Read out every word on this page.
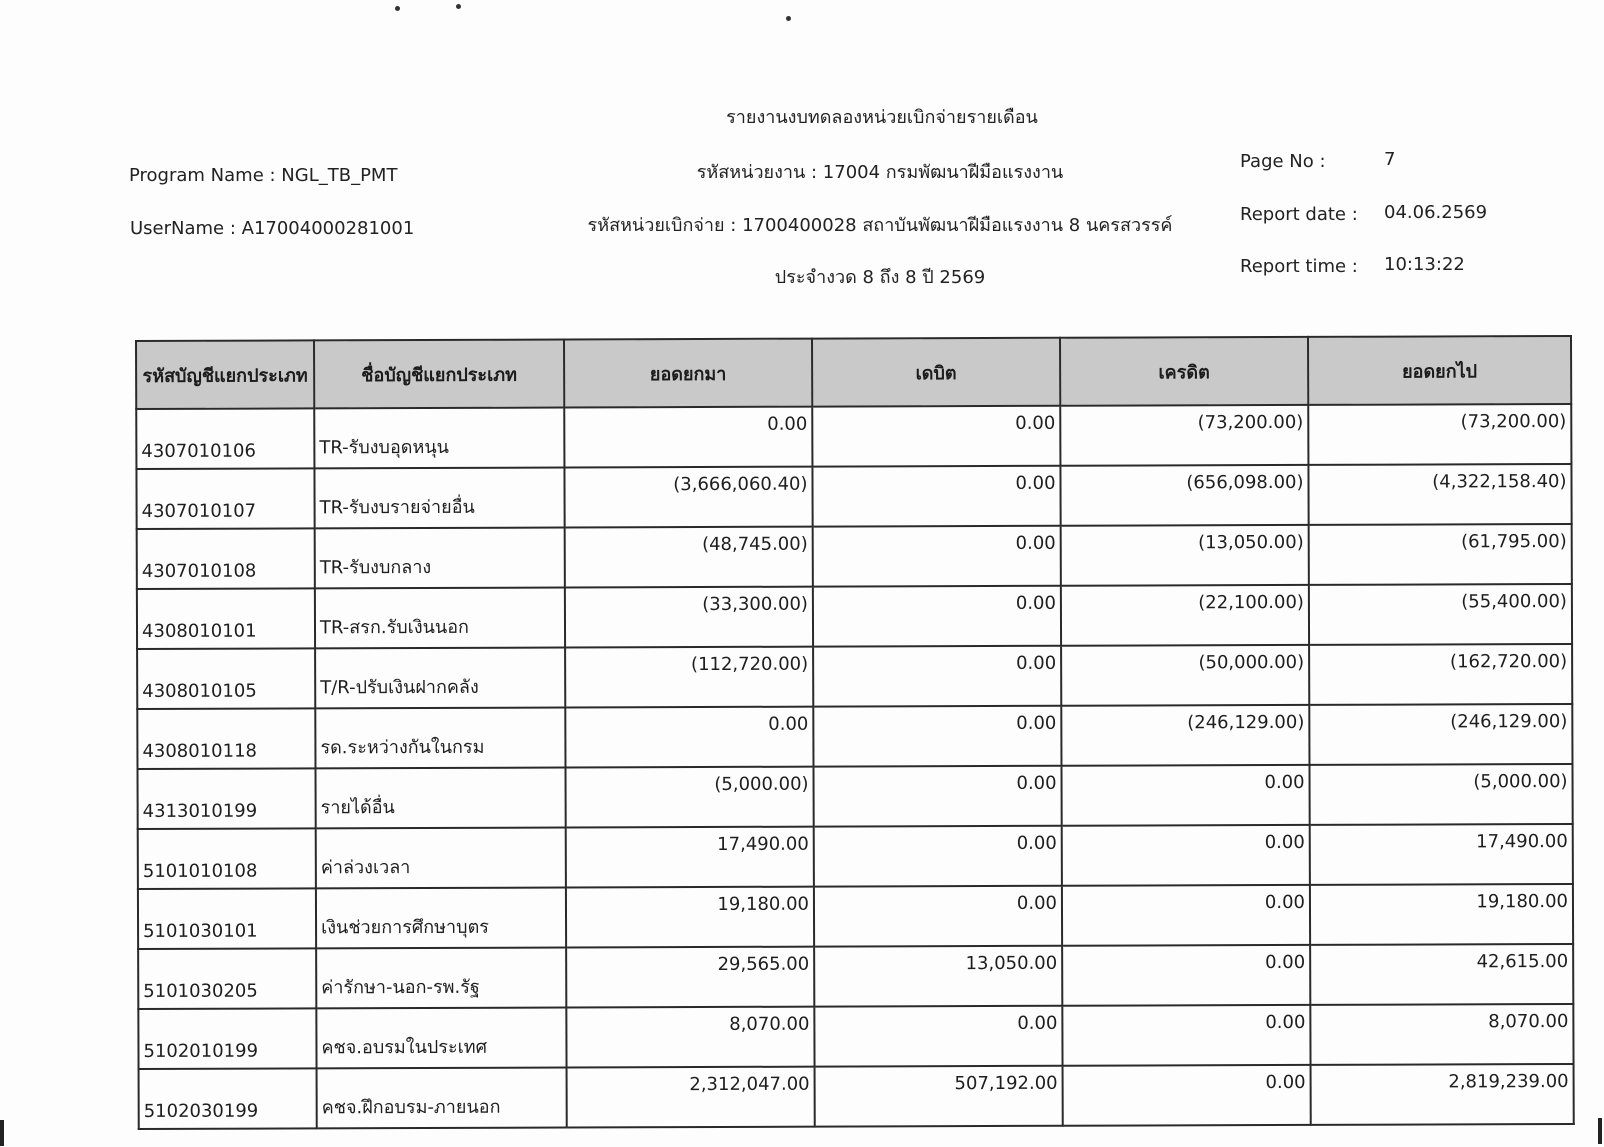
รายงานงบทดลองหน่วยเบิกจ่ายรายเดือน
Program Name : NGL_TB_PMT	รหัสหน่วยงาน : 17004 กรมพัฒนาฝีมือแรงงาน
Page No :	7
UserName : A17004000281001	รหัสหน่วยเบิกจ่าย : 1700400028 สถาบันพัฒนาฝีมือแรงงาน 8 นครสวรรค์
Report date : 04.06.2569
ประจำงวด 8 ถึง 8 ปี 2569
Report time : 10:13:22
รหัสบัญชีแยกประเภท	ชื่อบัญชีแยกประเภท	ยอดยกมา	เดบิต	เครดิต	ยอดยกไป
4307010106	TR-รับงบอุดหนุน	0.00	0.00	(73,200.00)	(73,200.00)
4307010107	TR-รับงบรายจ่ายอื่น	(3,666,060.40)	0.00	(656,098.00)	(4,322,158.40)
4307010108	TR-รับงบกลาง	(48,745.00)	0.00	(13,050.00)	(61,795.00)
4308010101	TR-สรก.รับเงินนอก	(33,300.00)	0.00	(22,100.00)	(55,400.00)
4308010105	T/R-ปรับเงินฝากคลัง	(112,720.00)	0.00	(50,000.00)	(162,720.00)
4308010118	รด.ระหว่างกันในกรม	0.00	0.00	(246,129.00)	(246,129.00)
4313010199	รายได้อื่น	(5,000.00)	0.00	0.00	(5,000.00)
5101010108	ค่าล่วงเวลา	17,490.00	0.00	0.00	17,490.00
5101030101	เงินช่วยการศึกษาบุตร	19,180.00	0.00	0.00	19,180.00
5101030205	ค่ารักษา-นอก-รพ.รัฐ	29,565.00	13,050.00	0.00	42,615.00
5102010199	คชจ.อบรมในประเทศ	8,070.00	0.00	0.00	8,070.00
5102030199	คชจ.ฝึกอบรม-ภายนอก	2,312,047.00	507,192.00	0.00	2,819,239.00
